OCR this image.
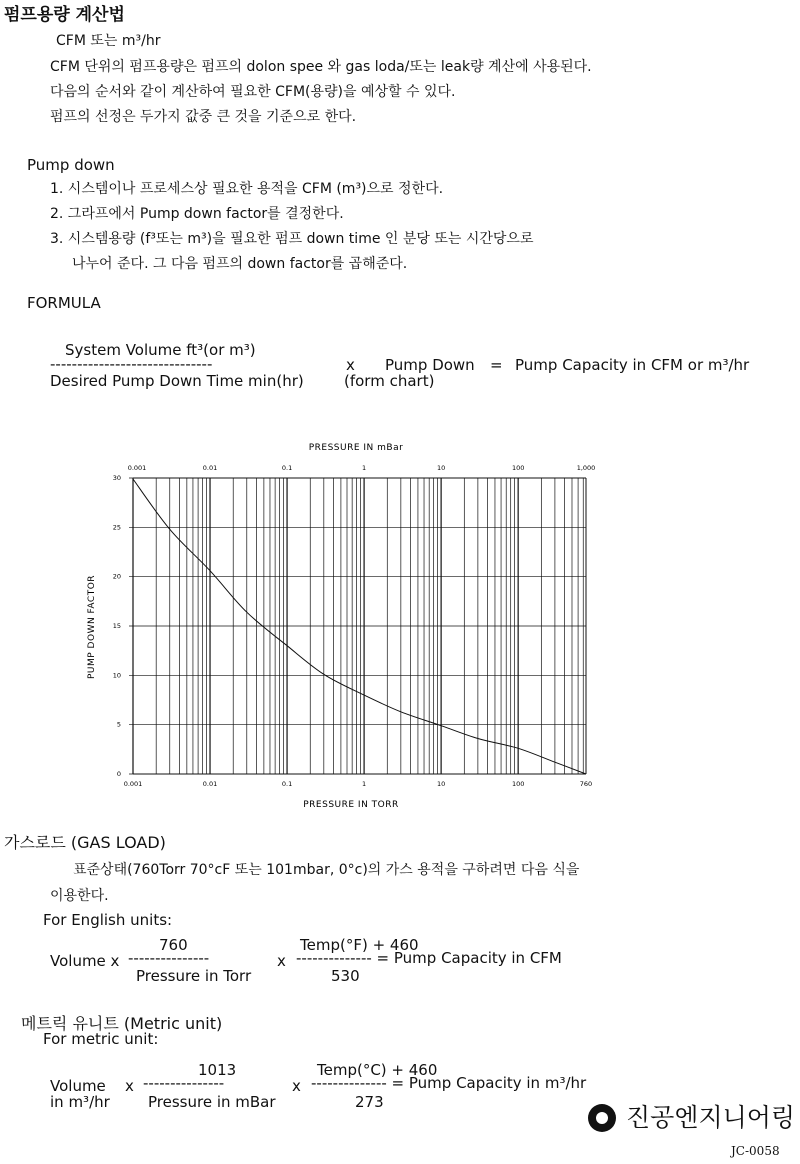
펌프용량 계산법
CFM 또는 m³/hr
CFM 단위의 펌프용량은 펌프의 dolon spee 와 gas loda/또는 leak량 계산에 사용된다.
다음의 순서와 같이 계산하여 필요한 CFM(용량)을 예상할 수 있다.
펌프의 선정은 두가지 값중 큰 것을 기준으로 한다.
Pump down
1. 시스템이나 프로세스상 필요한 용적을 CFM (m³)으로 정한다.
2. 그라프에서 Pump down factor를 결정한다.
3. 시스템용량 (f³또는 m³)을 필요한 펌프 down time 인 분당 또는 시간당으로
나누어 준다. 그 다음 펌프의 down factor를 곱해준다.
FORMULA
System Volume ft³(or m³)
------------------------------	x Pump Down = Pump Capacity in CFM or m³/hr
Desired Pump Down Time min(hr)	(form chart)
PRESSURE IN mBar
PRESSURE IN TORR
PUMP DOWN FACTOR
0
5
10
15
20
25
30
0.001	0.01	0.1	1	10	100	760
0.001	0.01	0.1	1	10	100	1,000
가스로드 (GAS LOAD)
표준상태(760Torr 70°cF 또는 101mbar, 0°c)의 가스 용적을 구하려면 다음 식을
이용한다.
For English units:
760	Temp(°F) + 460
Volume x ---------------	x -------------- = Pump Capacity in CFM
Pressure in Torr	530
메트릭 유니트 (Metric unit)
For metric unit:
1013	Temp(°C) + 460
Volume x ---------------	x -------------- = Pump Capacity in m³/hr
in m³/hr	Pressure in mBar	273
진공엔지니어링
JC-0058
